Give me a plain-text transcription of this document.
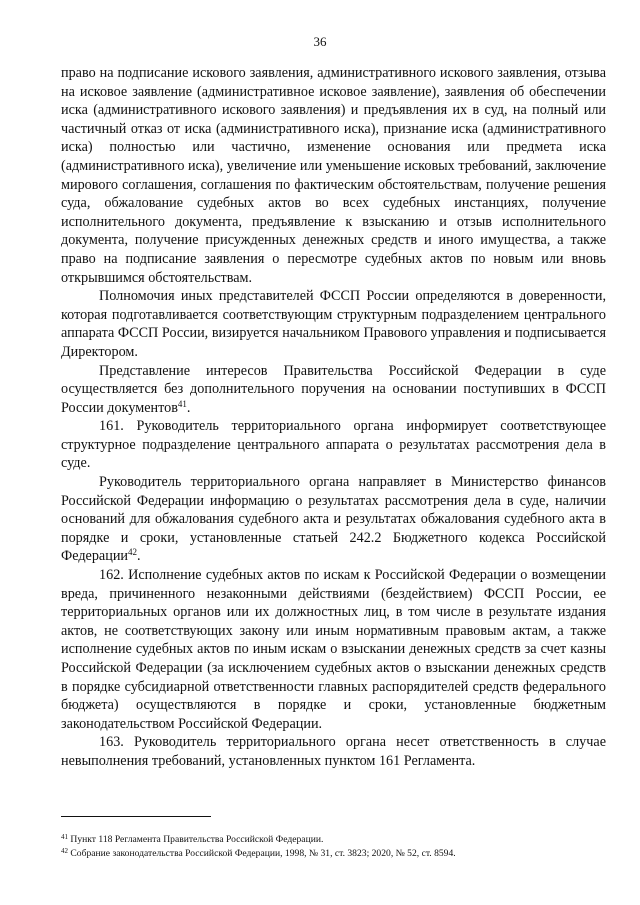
36

право на подписание искового заявления, административного искового заявления, отзыва на исковое заявление (административное исковое заявление), заявления об обеспечении иска (административного искового заявления) и предъявления их в суд, на полный или частичный отказ от иска (административного иска), признание иска (административного иска) полностью или частично, изменение основания или предмета иска (административного иска), увеличение или уменьшение исковых требований, заключение мирового соглашения, соглашения по фактическим обстоятельствам, получение решения суда, обжалование судебных актов во всех судебных инстанциях, получение исполнительного документа, предъявление к взысканию и отзыв исполнительного документа, получение присужденных денежных средств и иного имущества, а также право на подписание заявления о пересмотре судебных актов по новым или вновь открывшимся обстоятельствам.

Полномочия иных представителей ФССП России определяются в доверенности, которая подготавливается соответствующим структурным подразделением центрального аппарата ФССП России, визируется начальником Правового управления и подписывается Директором.

Представление интересов Правительства Российской Федерации в суде осуществляется без дополнительного поручения на основании поступивших в ФССП России документов$^{41}$.

161. Руководитель территориального органа информирует соответствующее структурное подразделение центрального аппарата о результатах рассмотрения дела в суде.

Руководитель территориального органа направляет в Министерство финансов Российской Федерации информацию о результатах рассмотрения дела в суде, наличии оснований для обжалования судебного акта и результатах обжалования судебного акта в порядке и сроки, установленные статьей 242.2 Бюджетного кодекса Российской Федерации$^{42}$.

162. Исполнение судебных актов по искам к Российской Федерации о возмещении вреда, причиненного незаконными действиями (бездействием) ФССП России, ее территориальных органов или их должностных лиц, в том числе в результате издания актов, не соответствующих закону или иным нормативным правовым актам, а также исполнение судебных актов по иным искам о взыскании денежных средств за счет казны Российской Федерации (за исключением судебных актов о взыскании денежных средств в порядке субсидиарной ответственности главных распорядителей средств федерального бюджета) осуществляются в порядке и сроки, установленные бюджетным законодательством Российской Федерации.

163. Руководитель территориального органа несет ответственность в случае невыполнения требований, установленных пунктом 161 Регламента.

$^{41}$ Пункт 118 Регламента Правительства Российской Федерации.

$^{42}$ Собрание законодательства Российской Федерации, 1998, № 31, ст. 3823; 2020, № 52, ст. 8594.
